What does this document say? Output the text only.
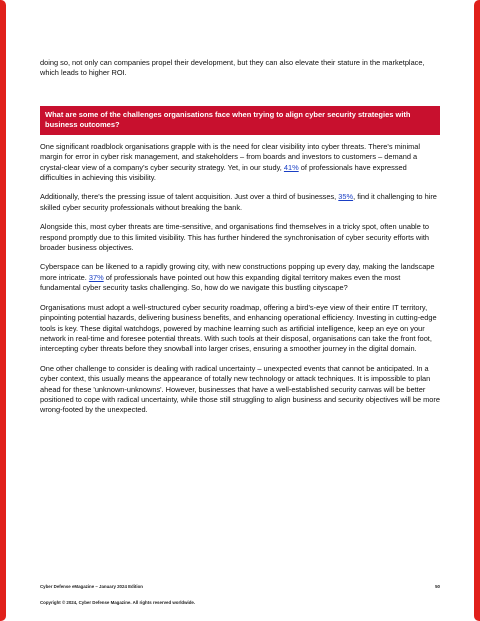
doing so, not only can companies propel their development, but they can also elevate their stature in the marketplace, which leads to higher ROI.

What are some of the challenges organisations face when trying to align cyber security strategies with business outcomes?

One significant roadblock organisations grapple with is the need for clear visibility into cyber threats. There's minimal margin for error in cyber risk management, and stakeholders – from boards and investors to customers – demand a crystal-clear view of a company's cyber security strategy. Yet, in our study, 41% of professionals have expressed difficulties in achieving this visibility.

Additionally, there's the pressing issue of talent acquisition. Just over a third of businesses, 35%, find it challenging to hire skilled cyber security professionals without breaking the bank.

Alongside this, most cyber threats are time-sensitive, and organisations find themselves in a tricky spot, often unable to respond promptly due to this limited visibility. This has further hindered the synchronisation of cyber security efforts with broader business objectives.

Cyberspace can be likened to a rapidly growing city, with new constructions popping up every day, making the landscape more intricate. 37% of professionals have pointed out how this expanding digital territory makes even the most fundamental cyber security tasks challenging. So, how do we navigate this bustling cityscape?

Organisations must adopt a well-structured cyber security roadmap, offering a bird's-eye view of their entire IT territory, pinpointing potential hazards, delivering business benefits, and enhancing operational efficiency. Investing in cutting-edge tools is key. These digital watchdogs, powered by machine learning such as artificial intelligence, keep an eye on your network in real-time and foresee potential threats. With such tools at their disposal, organisations can take the front foot, intercepting cyber threats before they snowball into larger crises, ensuring a smoother journey in the digital domain.

One other challenge to consider is dealing with radical uncertainty – unexpected events that cannot be anticipated. In a cyber context, this usually means the appearance of totally new technology or attack techniques. It is impossible to plan ahead for these 'unknown-unknowns'. However, businesses that have a well-established security canvas will be better positioned to cope with radical uncertainty, while those still struggling to align business and security objectives will be more wrong-footed by the unexpected.

Cyber Defense eMagazine – January 2024 Edition	50
Copyright © 2024, Cyber Defense Magazine. All rights reserved worldwide.
